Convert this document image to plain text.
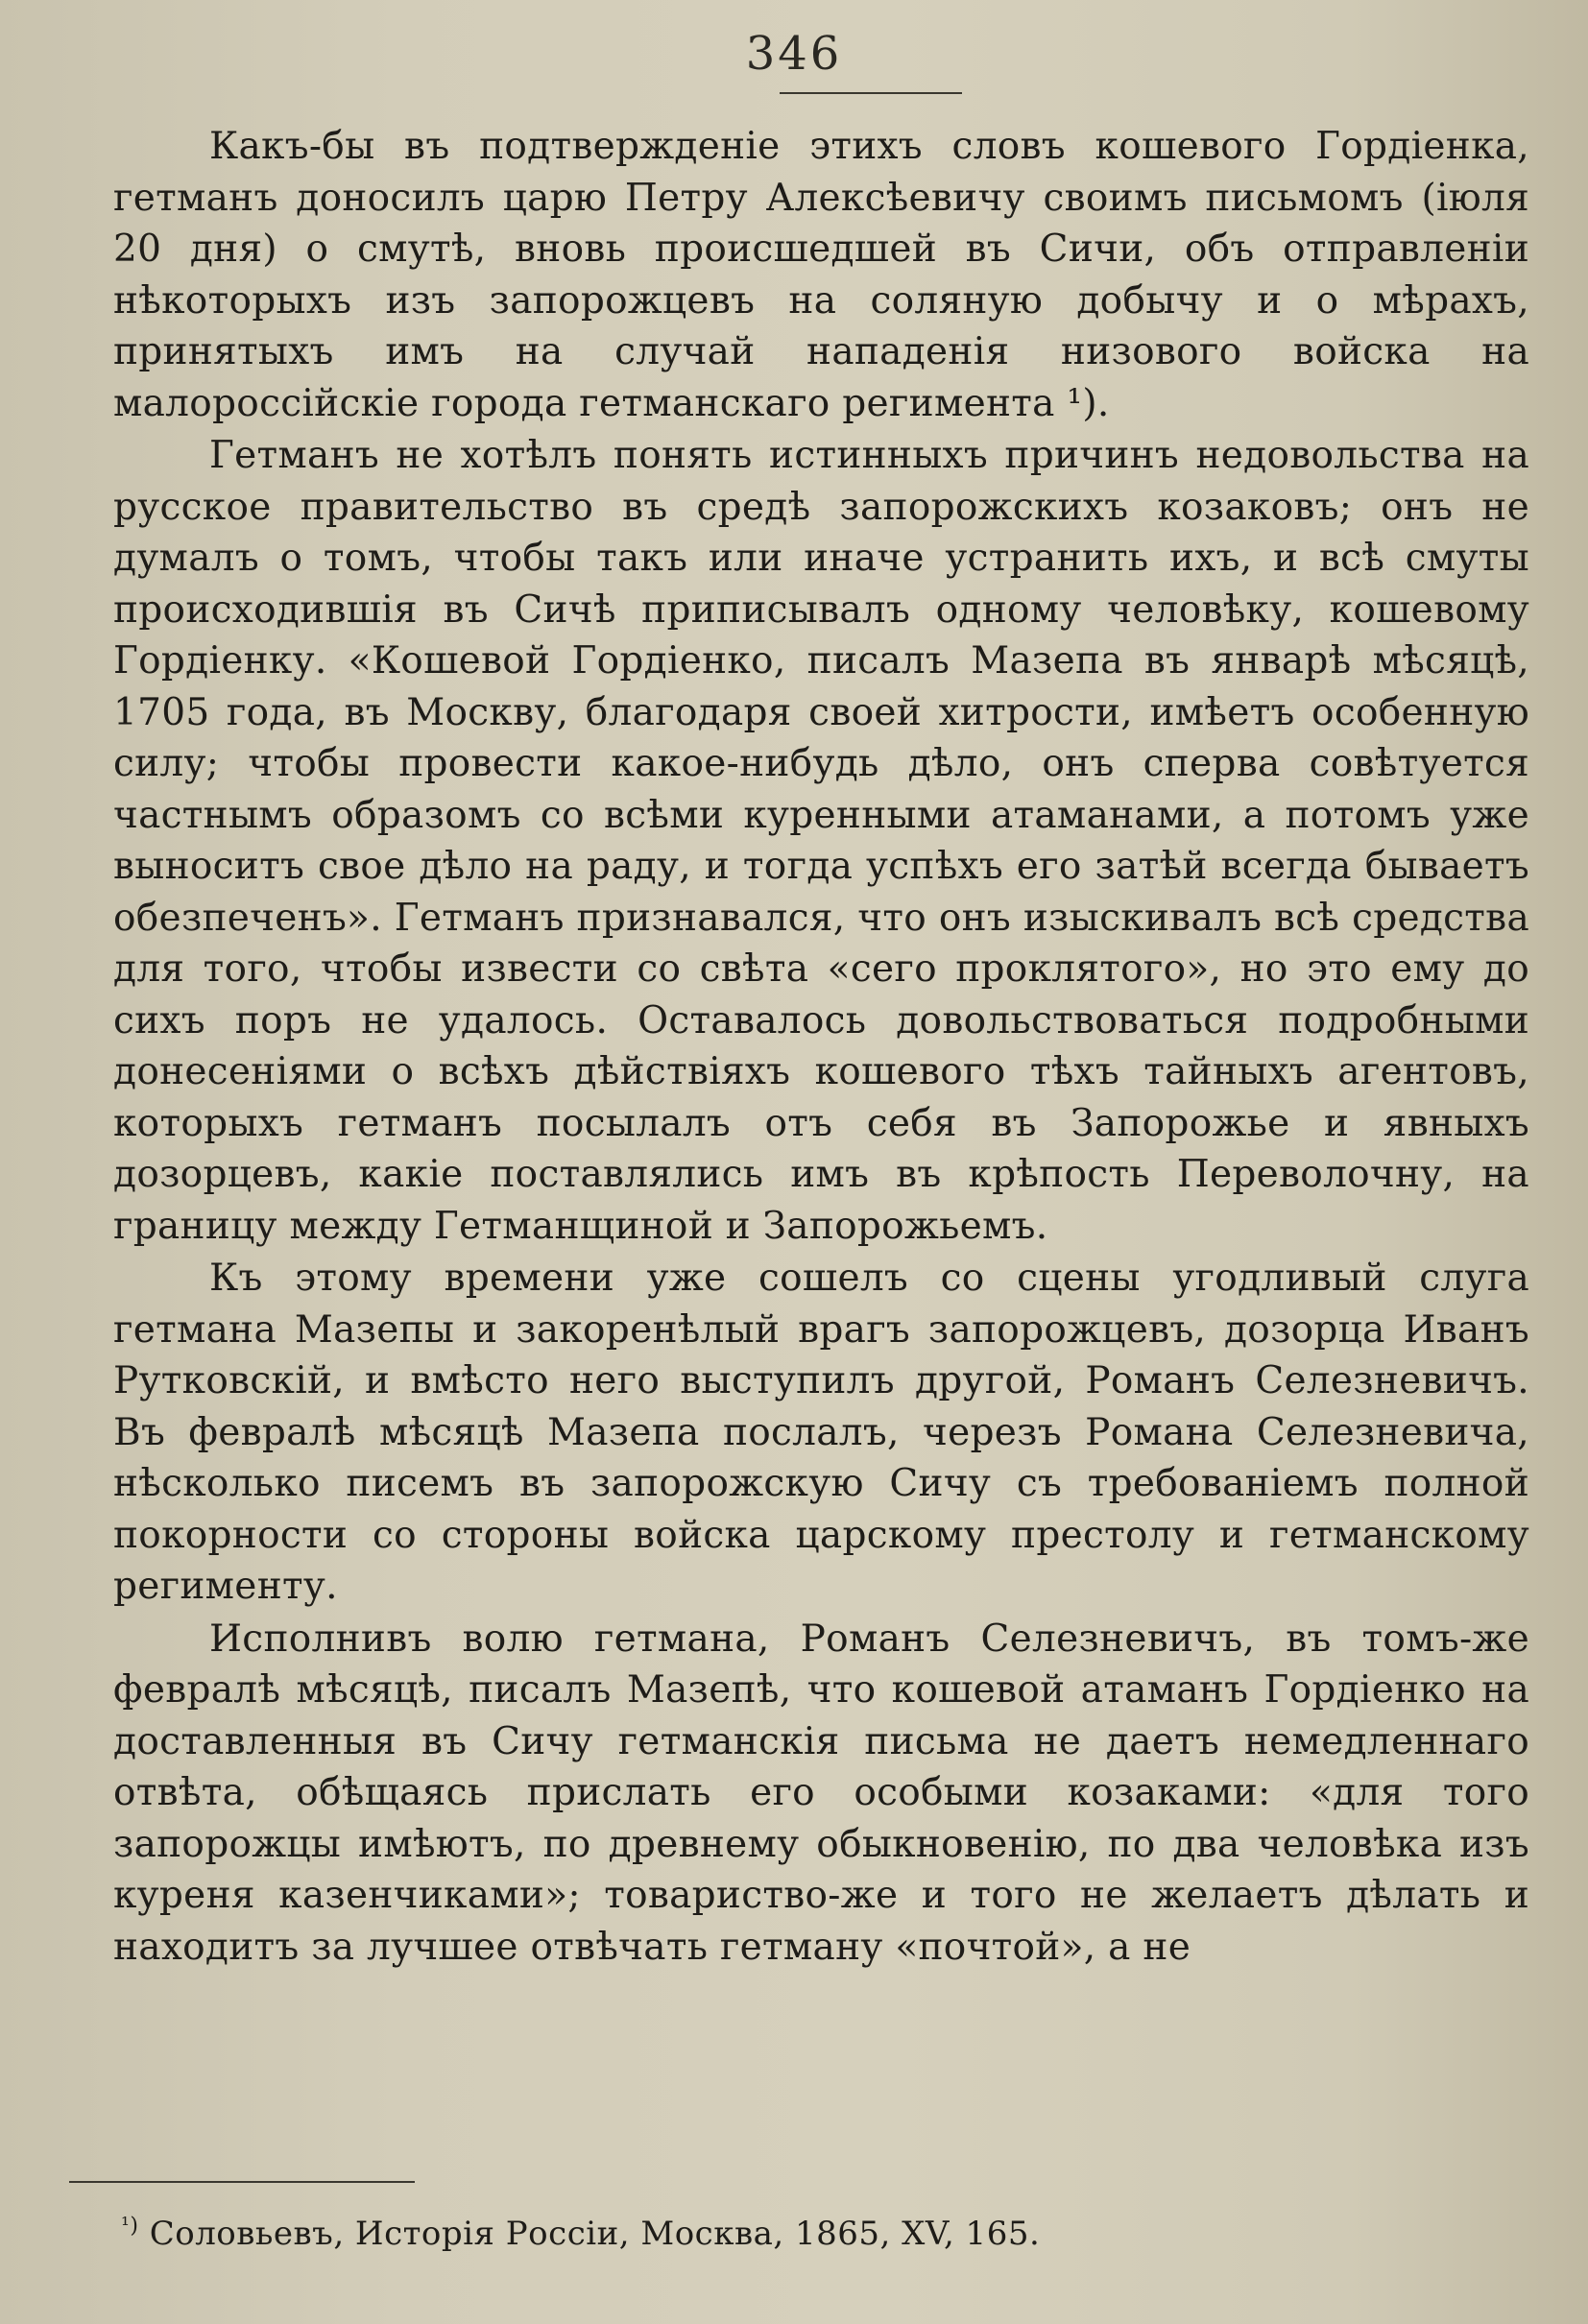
346

Какъ-бы въ подтвержденіе этихъ словъ кошевого Гордіенка, гетманъ доносилъ царю Петру Алексѣевичу своимъ письмомъ (іюля 20 дня) о смутѣ, вновь происшедшей въ Сичи, объ отправленіи нѣкоторыхъ изъ запорожцевъ на соляную добычу и о мѣрахъ, принятыхъ имъ на случай нападенія низового войска на малороссійскіе города гетманскаго регимента ¹).

Гетманъ не хотѣлъ понять истинныхъ причинъ недовольства на русское правительство въ средѣ запорожскихъ козаковъ; онъ не думалъ о томъ, чтобы такъ или иначе устранить ихъ, и всѣ смуты происходившія въ Сичѣ приписывалъ одному человѣку, кошевому Гордіенку. «Кошевой Гордіенко, писалъ Мазепа въ январѣ мѣсяцѣ, 1705 года, въ Москву, благодаря своей хитрости, имѣетъ особенную силу; чтобы провести какое-нибудь дѣло, онъ сперва совѣтуется частнымъ образомъ со всѣми куренными атаманами, а потомъ уже выноситъ свое дѣло на раду, и тогда успѣхъ его затѣй всегда бываетъ обезпеченъ». Гетманъ признавался, что онъ изыскивалъ всѣ средства для того, чтобы извести со свѣта «сего проклятого», но это ему до сихъ поръ не удалось. Оставалось довольствоваться подробными донесеніями о всѣхъ дѣйствіяхъ кошевого тѣхъ тайныхъ агентовъ, которыхъ гетманъ посылалъ отъ себя въ Запорожье и явныхъ дозорцевъ, какіе поставлялись имъ въ крѣпость Переволочну, на границу между Гетманщиной и Запорожьемъ.

Къ этому времени уже сошелъ со сцены угодливый слуга гетмана Мазепы и закоренѣлый врагъ запорожцевъ, дозорца Иванъ Рутковскій, и вмѣсто него выступилъ другой, Романъ Селезневичъ. Въ февралѣ мѣсяцѣ Мазепа послалъ, черезъ Романа Селезневича, нѣсколько писемъ въ запорожскую Сичу съ требованіемъ полной покорности со стороны войска царскому престолу и гетманскому регименту.

Исполнивъ волю гетмана, Романъ Селезневичъ, въ томъ-же февралѣ мѣсяцѣ, писалъ Мазепѣ, что кошевой атаманъ Гордіенко на доставленныя въ Сичу гетманскія письма не даетъ немедленнаго отвѣта, обѣщаясь прислать его особыми козаками: «для того запорожцы имѣютъ, по древнему обыкновенію, по два человѣка изъ куреня казенчиками»; товариство-же и того не желаетъ дѣлать и находитъ за лучшее отвѣчать гетману «почтой», а не

$^{^1)}$ Соловьевъ, Исторія Россіи, Москва, 1865, XV, 165.
